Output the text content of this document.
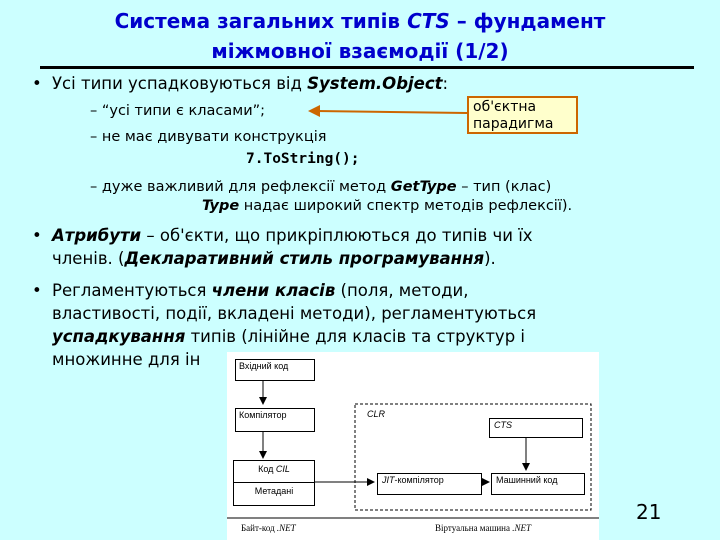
Система загальних типів CTS – фундамент
міжмовної взаємодії (1/2)
• Усі типи успадковуються від System.Object:
– “усі типи є класами”;
– не має дивувати конструкція
7.ToString();
– дуже важливий для рефлексії метод GetType – тип (клас)
Type надає широкий спектр методів рефлексії).
об'єктна
парадигма
• Атрибути – об'єкти, що прикріплюються до типів чи їх
членів. (Декларативний стиль програмування).
• Регламентуються члени класів (поля, методи,
властивості, події, вкладені методи), регламентуються
успадкування типів (лінійне для класів та структур і
множинне для ін	Вхідний код
Компілятор
Код CIL
Метадані
CLR
CTS
JIT-компілятор	Машинний код
Байт-код .NET	Віртуальна машина .NET
21
